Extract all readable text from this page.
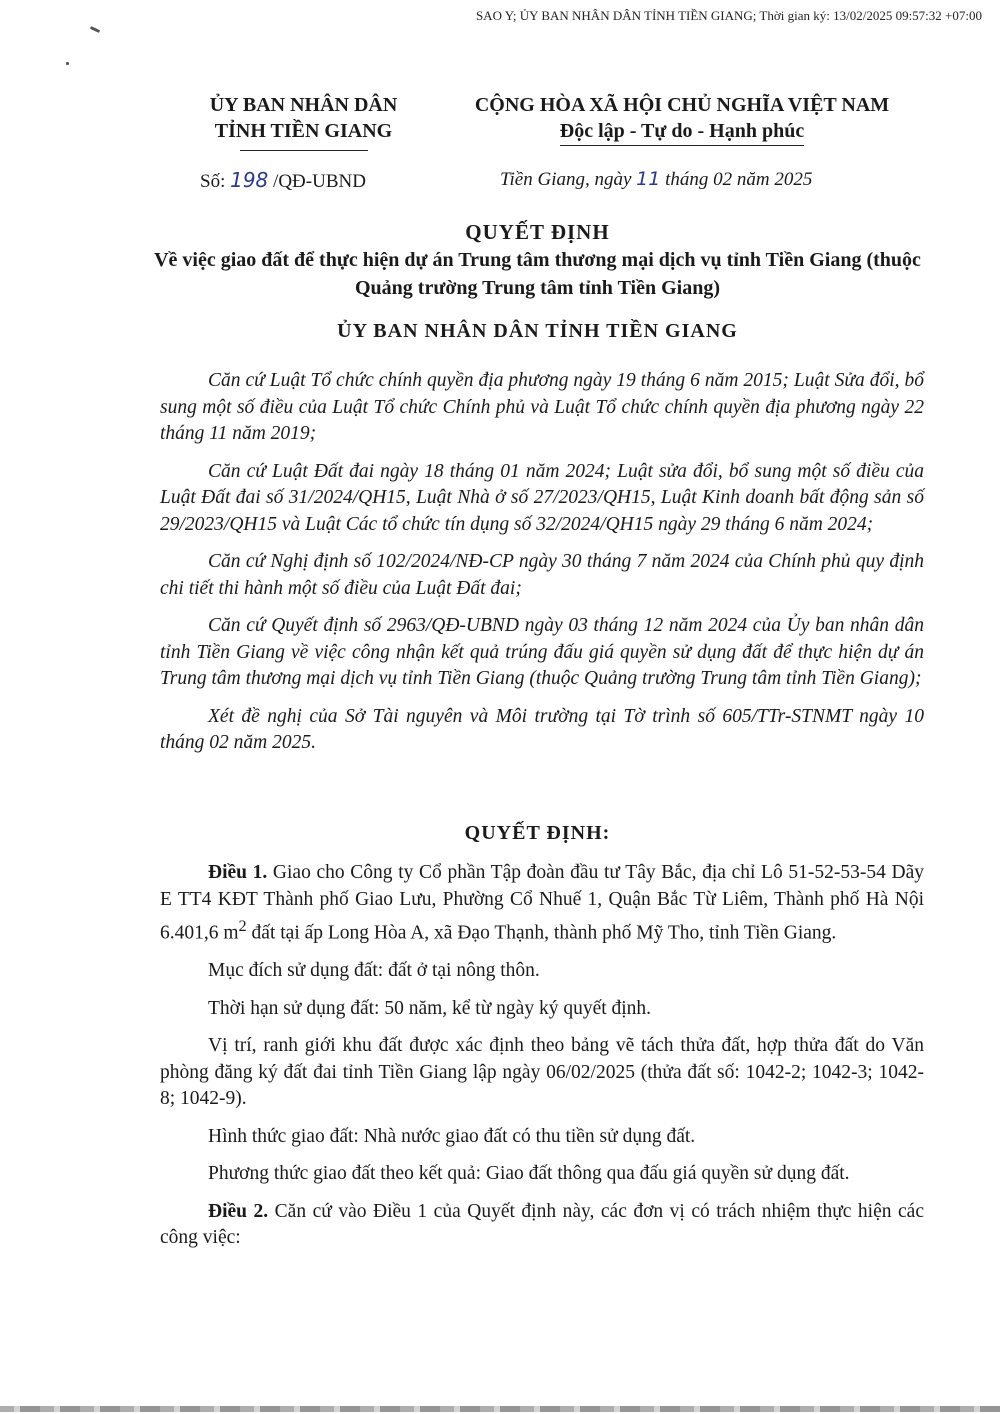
SAO Y; ỦY BAN NHÂN DÂN TỈNH TIỀN GIANG; Thời gian ký: 13/02/2025 09:57:32 +07:00
ỦY BAN NHÂN DÂN
TỈNH TIỀN GIANG
CỘNG HÒA XÃ HỘI CHỦ NGHĨA VIỆT NAM
Độc lập - Tự do - Hạnh phúc
Số: 198 /QĐ-UBND	Tiền Giang, ngày 11 tháng 02 năm 2025
QUYẾT ĐỊNH
Về việc giao đất để thực hiện dự án Trung tâm thương mại dịch vụ tỉnh Tiền Giang (thuộc Quảng trường Trung tâm tỉnh Tiền Giang)
ỦY BAN NHÂN DÂN TỈNH TIỀN GIANG

Căn cứ Luật Tổ chức chính quyền địa phương ngày 19 tháng 6 năm 2015; Luật Sửa đổi, bổ sung một số điều của Luật Tổ chức Chính phủ và Luật Tổ chức chính quyền địa phương ngày 22 tháng 11 năm 2019;

Căn cứ Luật Đất đai ngày 18 tháng 01 năm 2024; Luật sửa đổi, bổ sung một số điều của Luật Đất đai số 31/2024/QH15, Luật Nhà ở số 27/2023/QH15, Luật Kinh doanh bất động sản số 29/2023/QH15 và Luật Các tổ chức tín dụng số 32/2024/QH15 ngày 29 tháng 6 năm 2024;

Căn cứ Nghị định số 102/2024/NĐ-CP ngày 30 tháng 7 năm 2024 của Chính phủ quy định chi tiết thi hành một số điều của Luật Đất đai;

Căn cứ Quyết định số 2963/QĐ-UBND ngày 03 tháng 12 năm 2024 của Ủy ban nhân dân tỉnh Tiền Giang về việc công nhận kết quả trúng đấu giá quyền sử dụng đất để thực hiện dự án Trung tâm thương mại dịch vụ tỉnh Tiền Giang (thuộc Quảng trường Trung tâm tỉnh Tiền Giang);

Xét đề nghị của Sở Tài nguyên và Môi trường tại Tờ trình số 605/TTr-STNMT ngày 10 tháng 02 năm 2025.

QUYẾT ĐỊNH:

Điều 1. Giao cho Công ty Cổ phần Tập đoàn đầu tư Tây Bắc, địa chỉ Lô 51-52-53-54 Dãy E TT4 KĐT Thành phố Giao Lưu, Phường Cổ Nhuế 1, Quận Bắc Từ Liêm, Thành phố Hà Nội 6.401,6 $m^2$ đất tại ấp Long Hòa A, xã Đạo Thạnh, thành phố Mỹ Tho, tỉnh Tiền Giang.

Mục đích sử dụng đất: đất ở tại nông thôn.

Thời hạn sử dụng đất: 50 năm, kể từ ngày ký quyết định.

Vị trí, ranh giới khu đất được xác định theo bảng vẽ tách thửa đất, hợp thửa đất do Văn phòng đăng ký đất đai tỉnh Tiền Giang lập ngày 06/02/2025 (thửa đất số: 1042-2; 1042-3; 1042-8; 1042-9).

Hình thức giao đất: Nhà nước giao đất có thu tiền sử dụng đất.

Phương thức giao đất theo kết quả: Giao đất thông qua đấu giá quyền sử dụng đất.

Điều 2. Căn cứ vào Điều 1 của Quyết định này, các đơn vị có trách nhiệm thực hiện các công việc:
